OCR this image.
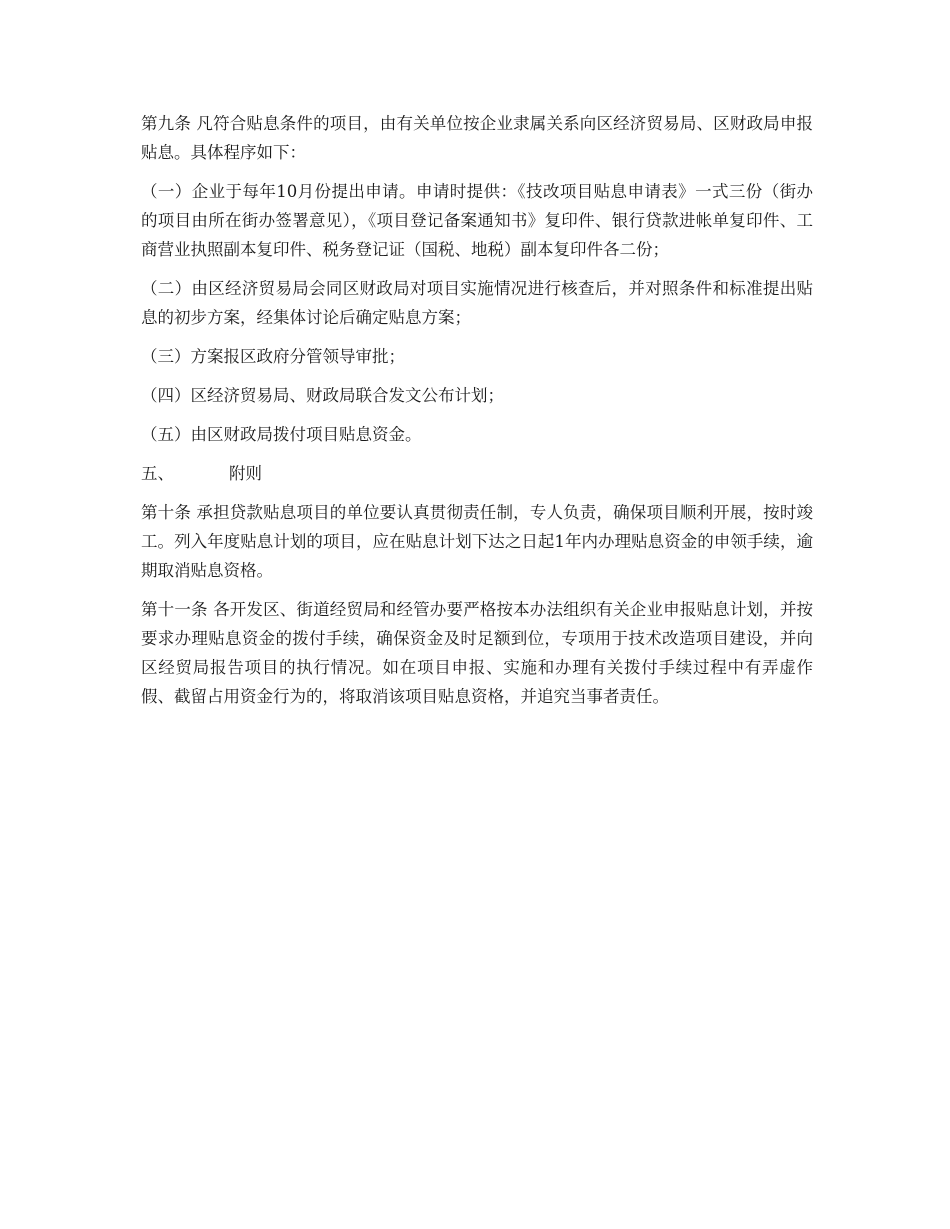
第九条 凡符合贴息条件的项目，由有关单位按企业隶属关系向区经济贸易局、区财政局申报贴息。具体程序如下：

（一）企业于每年10月份提出申请。申请时提供：《技改项目贴息申请表》一式三份（街办的项目由所在街办签署意见），《项目登记备案通知书》复印件、银行贷款进帐单复印件、工商营业执照副本复印件、税务登记证（国税、地税）副本复印件各二份；

（二）由区经济贸易局会同区财政局对项目实施情况进行核查后，并对照条件和标准提出贴息的初步方案，经集体讨论后确定贴息方案；

（三）方案报区政府分管领导审批；

（四）区经济贸易局、财政局联合发文公布计划；

（五）由区财政局拨付项目贴息资金。

五、	附则

第十条 承担贷款贴息项目的单位要认真贯彻责任制，专人负责，确保项目顺利开展，按时竣工。列入年度贴息计划的项目，应在贴息计划下达之日起1年内办理贴息资金的申领手续，逾期取消贴息资格。

第十一条 各开发区、街道经贸局和经管办要严格按本办法组织有关企业申报贴息计划，并按要求办理贴息资金的拨付手续，确保资金及时足额到位，专项用于技术改造项目建设，并向区经贸局报告项目的执行情况。如在项目申报、实施和办理有关拨付手续过程中有弄虚作假、截留占用资金行为的，将取消该项目贴息资格，并追究当事者责任。
